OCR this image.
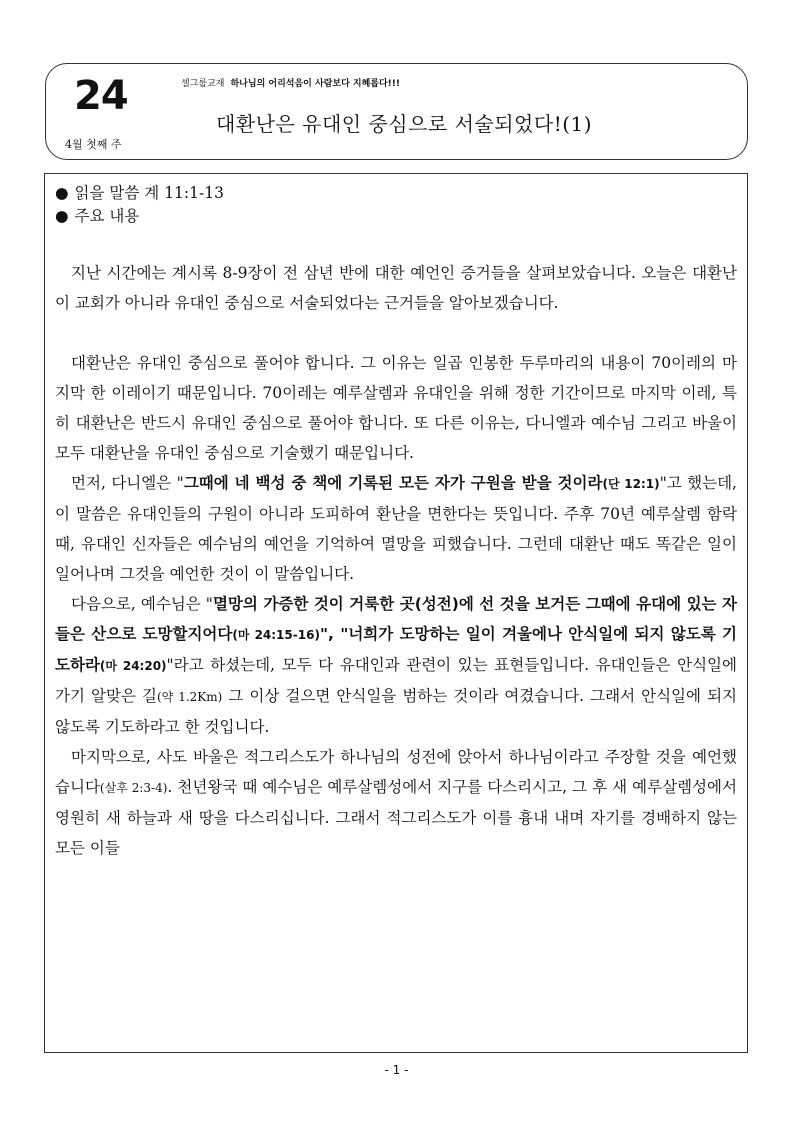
24
4월 첫째 주
셀그룹교재 하나님의 어리석음이 사람보다 지혜롭다!!!
대환난은 유대인 중심으로 서술되었다!(1)
● 읽을 말씀 계 11:1-13
● 주요 내용

지난 시간에는 계시록 8-9장이 전 삼년 반에 대한 예언인 증거들을 살펴보았습니다. 오늘은 대환난이 교회가 아니라 유대인 중심으로 서술되었다는 근거들을 알아보겠습니다.

대환난은 유대인 중심으로 풀어야 합니다. 그 이유는 일곱 인봉한 두루마리의 내용이 70이레의 마지막 한 이레이기 때문입니다. 70이레는 예루살렘과 유대인을 위해 정한 기간이므로 마지막 이레, 특히 대환난은 반드시 유대인 중심으로 풀어야 합니다. 또 다른 이유는, 다니엘과 예수님 그리고 바울이 모두 대환난을 유대인 중심으로 기술했기 때문입니다.

먼저, 다니엘은 "그때에 네 백성 중 책에 기록된 모든 자가 구원을 받을 것이라(단 12:1)"고 했는데, 이 말씀은 유대인들의 구원이 아니라 도피하여 환난을 면한다는 뜻입니다. 주후 70년 예루살렘 함락 때, 유대인 신자들은 예수님의 예언을 기억하여 멸망을 피했습니다. 그런데 대환난 때도 똑같은 일이 일어나며 그것을 예언한 것이 이 말씀입니다.

다음으로, 예수님은 "멸망의 가증한 것이 거룩한 곳(성전)에 선 것을 보거든 그때에 유대에 있는 자들은 산으로 도망할지어다(마 24:15-16)", "너희가 도망하는 일이 겨울에나 안식일에 되지 않도록 기도하라(마 24:20)"라고 하셨는데, 모두 다 유대인과 관련이 있는 표현들입니다. 유대인들은 안식일에 가기 알맞은 길(약 1.2Km) 그 이상 걸으면 안식일을 범하는 것이라 여겼습니다. 그래서 안식일에 되지 않도록 기도하라고 한 것입니다.

마지막으로, 사도 바울은 적그리스도가 하나님의 성전에 앉아서 하나님이라고 주장할 것을 예언했습니다(살후 2:3-4). 천년왕국 때 예수님은 예루살렘성에서 지구를 다스리시고, 그 후 새 예루살렘성에서 영원히 새 하늘과 새 땅을 다스리십니다. 그래서 적그리스도가 이를 흉내 내며 자기를 경배하지 않는 모든 이들

- 1 -
